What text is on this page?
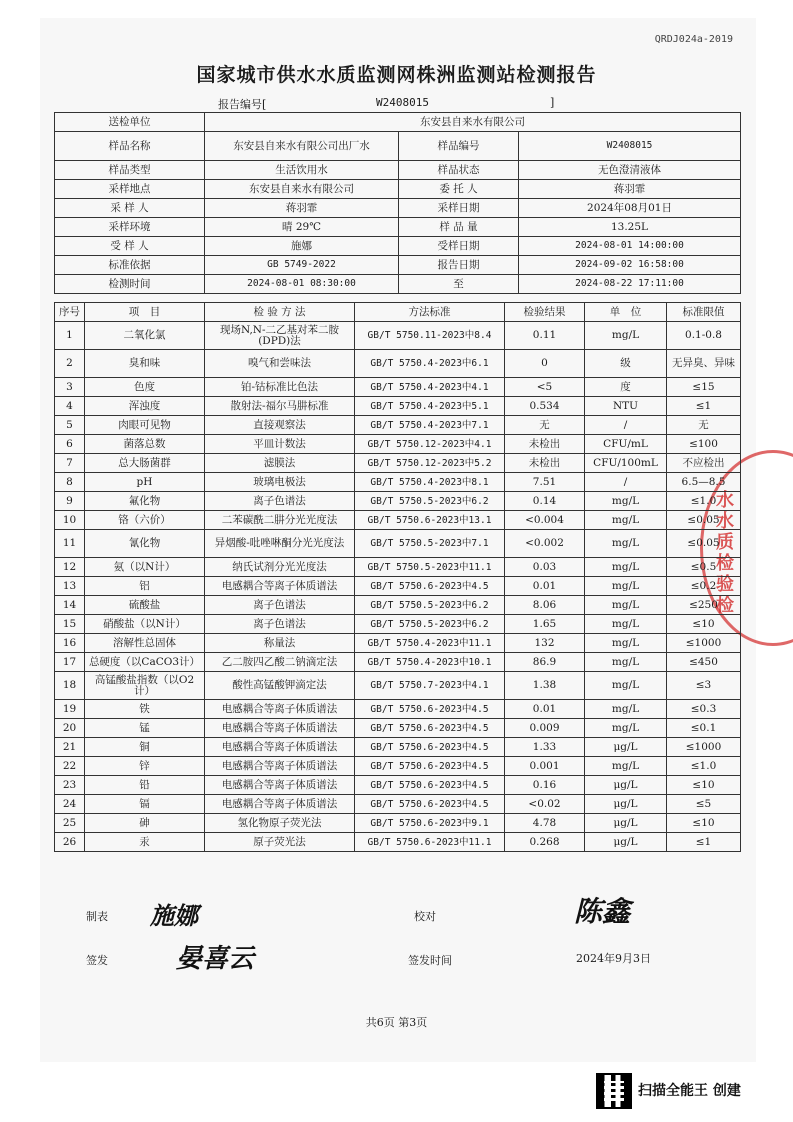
水水质检验检
QRDJ024a-2019
国家城市供水水质监测网株洲监测站检测报告
报告编号[	W2408015	]
送检单位	东安县自来水有限公司		
样品名称	东安县自来水有限公司出厂水	样品编号	W2408015
样品类型	生活饮用水	样品状态	无色澄清液体
采样地点	东安县自来水有限公司	委 托 人	蒋羽霏
采 样 人	蒋羽霏	采样日期	2024年08月01日
采样环境	晴 29℃	样 品 量	13.25L
受 样 人	施娜	受样日期	2024-08-01 14:00:00
标准依据	GB 5749-2022	报告日期	2024-09-02 16:58:00
检测时间	2024-08-01 08:30:00	至	2024-08-22 17:11:00
序号	项　目	检 验 方 法	方法标准	检验结果	单　位	标准限值
1	二氧化氯	现场N,N-二乙基对苯二胺(DPD)法	GB/T 5750.11-2023中8.4	0.11	mg/L	0.1-0.8
2	臭和味	嗅气和尝味法	GB/T 5750.4-2023中6.1	0	级	无异臭、异味
3	色度	铂-钴标准比色法	GB/T 5750.4-2023中4.1	<5	度	≤15
4	浑浊度	散射法-福尔马肼标准	GB/T 5750.4-2023中5.1	0.534	NTU	≤1
5	肉眼可见物	直接观察法	GB/T 5750.4-2023中7.1	无	/	无
6	菌落总数	平皿计数法	GB/T 5750.12-2023中4.1	未检出	CFU/mL	≤100
7	总大肠菌群	滤膜法	GB/T 5750.12-2023中5.2	未检出	CFU/100mL	不应检出
8	pH	玻璃电极法	GB/T 5750.4-2023中8.1	7.51	/	6.5—8.5
9	氟化物	离子色谱法	GB/T 5750.5-2023中6.2	0.14	mg/L	≤1.0
10	铬（六价）	二苯碳酰二肼分光光度法	GB/T 5750.6-2023中13.1	<0.004	mg/L	≤0.05
11	氰化物	异烟酸-吡唑啉酮分光光度法	GB/T 5750.5-2023中7.1	<0.002	mg/L	≤0.05
12	氨（以N计）	纳氏试剂分光光度法	GB/T 5750.5-2023中11.1	0.03	mg/L	≤0.5
13	铝	电感耦合等离子体质谱法	GB/T 5750.6-2023中4.5	0.01	mg/L	≤0.2
14	硫酸盐	离子色谱法	GB/T 5750.5-2023中6.2	8.06	mg/L	≤250
15	硝酸盐（以N计）	离子色谱法	GB/T 5750.5-2023中6.2	1.65	mg/L	≤10
16	溶解性总固体	称量法	GB/T 5750.4-2023中11.1	132	mg/L	≤1000
17	总硬度（以CaCO3计）	乙二胺四乙酸二钠滴定法	GB/T 5750.4-2023中10.1	86.9	mg/L	≤450
18	高锰酸盐指数（以O2计）	酸性高锰酸钾滴定法	GB/T 5750.7-2023中4.1	1.38	mg/L	≤3
19	铁	电感耦合等离子体质谱法	GB/T 5750.6-2023中4.5	0.01	mg/L	≤0.3
20	锰	电感耦合等离子体质谱法	GB/T 5750.6-2023中4.5	0.009	mg/L	≤0.1
21	铜	电感耦合等离子体质谱法	GB/T 5750.6-2023中4.5	1.33	μg/L	≤1000
22	锌	电感耦合等离子体质谱法	GB/T 5750.6-2023中4.5	0.001	mg/L	≤1.0
23	铅	电感耦合等离子体质谱法	GB/T 5750.6-2023中4.5	0.16	μg/L	≤10
24	镉	电感耦合等离子体质谱法	GB/T 5750.6-2023中4.5	<0.02	μg/L	≤5
25	砷	氢化物原子荧光法	GB/T 5750.6-2023中9.1	4.78	μg/L	≤10
26	汞	原子荧光法	GB/T 5750.6-2023中11.1	0.268	μg/L	≤1
制表 施娜	校对	陈鑫
签发	晏喜云	签发时间	2024年9月3日
共6页 第3页
扫描全能王 创建
